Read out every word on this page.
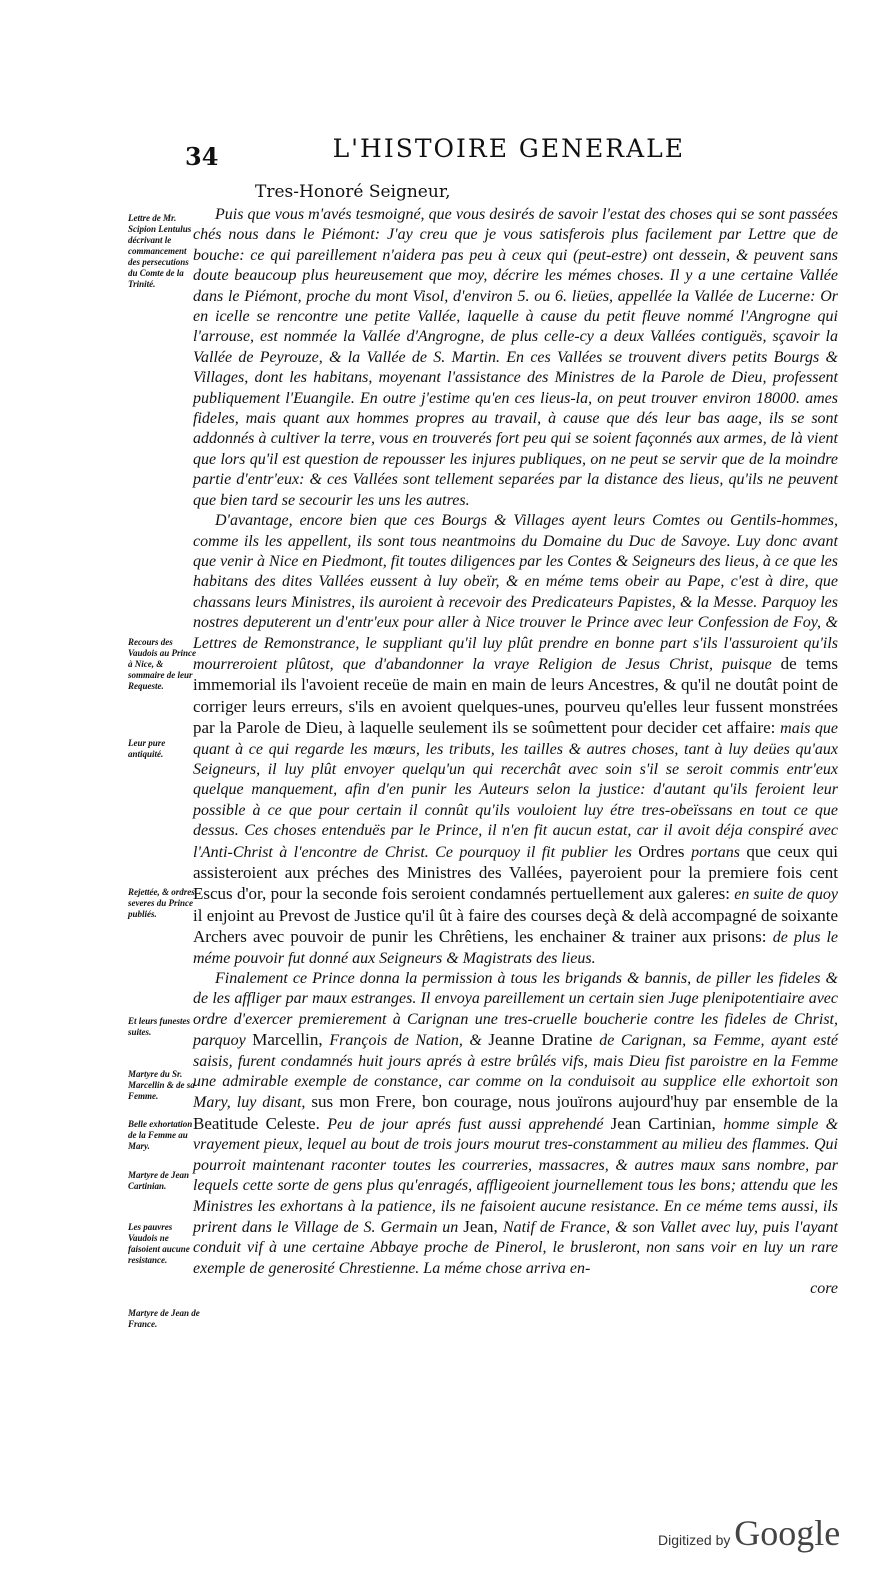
34	L'HISTOIRE GENERALE
Tres-Honoré Seigneur,
Lettre de Mr. Scipion Lentulus décrivant le commancement des persecutions du Comte de la Trinité.
Recours des Vaudois au Prince à Nice, & sommaire de leur Requeste.
Leur pure antiquité.
Rejettée, & ordres severes du Prince publiés.
Et leurs funestes suites.
Martyre du Sr. Marcellin & de sa Femme.
Belle exhortation de la Femme au Mary.
Martyre de Jean Cartinian.
Les pauvres Vaudois ne faisoient aucune resistance.
Martyre de Jean de France.

Puis que vous m'avés tesmoigné, que vous desirés de savoir l'estat des choses qui se sont passées chés nous dans le Piémont: J'ay creu que je vous satisferois plus facilement par Lettre que de bouche: ce qui pareillement n'aidera pas peu à ceux qui (peut-estre) ont dessein, & peuvent sans doute beaucoup plus heureusement que moy, décrire les mémes choses. Il y a une certaine Vallée dans le Piémont, proche du mont Visol, d'environ 5. ou 6. lieües, appellée la Vallée de Lucerne: Or en icelle se rencontre une petite Vallée, laquelle à cause du petit fleuve nommé l'Angrogne qui l'arrouse, est nommée la Vallée d'Angrogne, de plus celle-cy a deux Vallées contiguës, sçavoir la Vallée de Peyrouze, & la Vallée de S. Martin. En ces Vallées se trouvent divers petits Bourgs & Villages, dont les habitans, moyenant l'assistance des Ministres de la Parole de Dieu, professent publiquement l'Euangile. En outre j'estime qu'en ces lieus-la, on peut trouver environ 18000. ames fideles, mais quant aux hommes propres au travail, à cause que dés leur bas aage, ils se sont addonnés à cultiver la terre, vous en trouverés fort peu qui se soient façonnés aux armes, de là vient que lors qu'il est question de repousser les injures publiques, on ne peut se servir que de la moindre partie d'entr'eux: & ces Vallées sont tellement separées par la distance des lieus, qu'ils ne peuvent que bien tard se secourir les uns les autres.

D'avantage, encore bien que ces Bourgs & Villages ayent leurs Comtes ou Gentils-hommes, comme ils les appellent, ils sont tous neantmoins du Domaine du Duc de Savoye. Luy donc avant que venir à Nice en Piedmont, fit toutes diligences par les Contes & Seigneurs des lieus, à ce que les habitans des dites Vallées eussent à luy obeïr, & en méme tems obeir au Pape, c'est à dire, que chassans leurs Ministres, ils auroient à recevoir des Predicateurs Papistes, & la Messe. Parquoy les nostres deputerent un d'entr'eux pour aller à Nice trouver le Prince avec leur Confession de Foy, & Lettres de Remonstrance, le suppliant qu'il luy plût prendre en bonne part s'ils l'assuroient qu'ils mourreroient plûtost, que d'abandonner la vraye Religion de Jesus Christ, puisque de tems immemorial ils l'avoient receüe de main en main de leurs Ancestres, & qu'il ne doutât point de corriger leurs erreurs, s'ils en avoient quelques-unes, pourveu qu'elles leur fussent monstrées par la Parole de Dieu, à laquelle seulement ils se soûmettent pour decider cet affaire: mais que quant à ce qui regarde les mœurs, les tributs, les tailles & autres choses, tant à luy deües qu'aux Seigneurs, il luy plût envoyer quelqu'un qui recerchât avec soin s'il se seroit commis entr'eux quelque manquement, afin d'en punir les Auteurs selon la justice: d'autant qu'ils feroient leur possible à ce que pour certain il connût qu'ils vouloient luy étre tres-obeïssans en tout ce que dessus. Ces choses entenduës par le Prince, il n'en fit aucun estat, car il avoit déja conspiré avec l'Anti-Christ à l'encontre de Christ. Ce pourquoy il fit publier les Ordres portans que ceux qui assisteroient aux préches des Ministres des Vallées, payeroient pour la premiere fois cent Escus d'or, pour la seconde fois seroient condamnés pertuellement aux galeres: en suite de quoy il enjoint au Prevost de Justice qu'il ût à faire des courses deçà & delà accompagné de soixante Archers avec pouvoir de punir les Chrêtiens, les enchainer & trainer aux prisons: de plus le méme pouvoir fut donné aux Seigneurs & Magistrats des lieus.

Finalement ce Prince donna la permission à tous les brigands & bannis, de piller les fideles & de les affliger par maux estranges. Il envoya pareillement un certain sien Juge plenipotentiaire avec ordre d'exercer premierement à Carignan une tres-cruelle boucherie contre les fideles de Christ, parquoy Marcellin, François de Nation, & Jeanne Dratine de Carignan, sa Femme, ayant esté saisis, furent condamnés huit jours aprés à estre brûlés vifs, mais Dieu fist paroistre en la Femme une admirable exemple de constance, car comme on la conduisoit au supplice elle exhortoit son Mary, luy disant, sus mon Frere, bon courage, nous jouïrons aujourd'huy par ensemble de la Beatitude Celeste. Peu de jour aprés fust aussi apprehendé Jean Cartinian, homme simple & vrayement pieux, lequel au bout de trois jours mourut tres-constamment au milieu des flammes. Qui pourroit maintenant raconter toutes les courreries, massacres, & autres maux sans nombre, par lequels cette sorte de gens plus qu'enragés, affligeoient journellement tous les bons; attendu que les Ministres les exhortans à la patience, ils ne faisoient aucune resistance. En ce méme tems aussi, ils prirent dans le Village de S. Germain un Jean, Natif de France, & son Vallet avec luy, puis l'ayant conduit vif à une certaine Abbaye proche de Pinerol, le brusleront, non sans voir en luy un rare exemple de generosité Chrestienne. La méme chose arriva en-

core
Digitized by Google
